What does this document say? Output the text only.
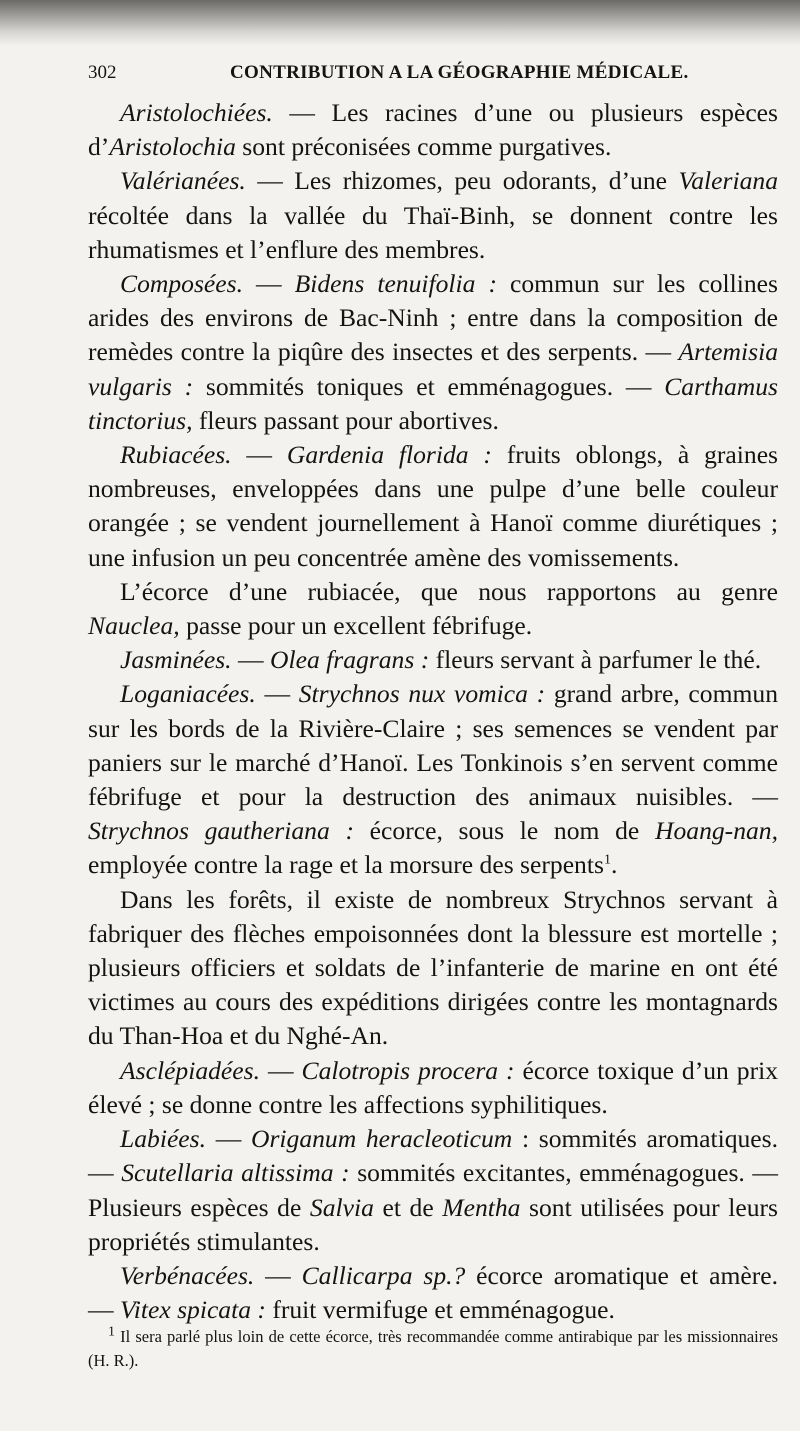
302	CONTRIBUTION A LA GÉOGRAPHIE MÉDICALE.

Aristolochiées. — Les racines d’une ou plusieurs espèces d’Aristolochia sont préconisées comme purgatives.

Valérianées. — Les rhizomes, peu odorants, d’une Valeriana récoltée dans la vallée du Thaï-Binh, se donnent contre les rhumatismes et l’enflure des membres.

Composées. — Bidens tenuifolia : commun sur les collines arides des environs de Bac-Ninh ; entre dans la composition de remèdes contre la piqûre des insectes et des serpents. — Artemisia vulgaris : sommités toniques et emménagogues. — Carthamus tinctorius, fleurs passant pour abortives.

Rubiacées. — Gardenia florida : fruits oblongs, à graines nombreuses, enveloppées dans une pulpe d’une belle couleur orangée ; se vendent journellement à Hanoï comme diurétiques ; une infusion un peu concentrée amène des vomissements.

L’écorce d’une rubiacée, que nous rapportons au genre Nauclea, passe pour un excellent fébrifuge.

Jasminées. — Olea fragrans : fleurs servant à parfumer le thé.

Loganiacées. — Strychnos nux vomica : grand arbre, commun sur les bords de la Rivière-Claire ; ses semences se vendent par paniers sur le marché d’Hanoï. Les Tonkinois s’en servent comme fébrifuge et pour la destruction des animaux nuisibles. — Strychnos gautheriana : écorce, sous le nom de Hoang-nan, employée contre la rage et la morsure des serpents$^1$.

Dans les forêts, il existe de nombreux Strychnos servant à fabriquer des flèches empoisonnées dont la blessure est mortelle ; plusieurs officiers et soldats de l’infanterie de marine en ont été victimes au cours des expéditions dirigées contre les montagnards du Than-Hoa et du Nghé-An.

Asclépiadées. — Calotropis procera : écorce toxique d’un prix élevé ; se donne contre les affections syphilitiques.

Labiées. — Origanum heracleoticum : sommités aromatiques. — Scutellaria altissima : sommités excitantes, emménagogues. — Plusieurs espèces de Salvia et de Mentha sont utilisées pour leurs propriétés stimulantes.

Verbénacées. — Callicarpa sp.? écorce aromatique et amère. — Vitex spicata : fruit vermifuge et emménagogue.

$^1$ Il sera parlé plus loin de cette écorce, très recommandée comme antirabique par les missionnaires (H. R.).
